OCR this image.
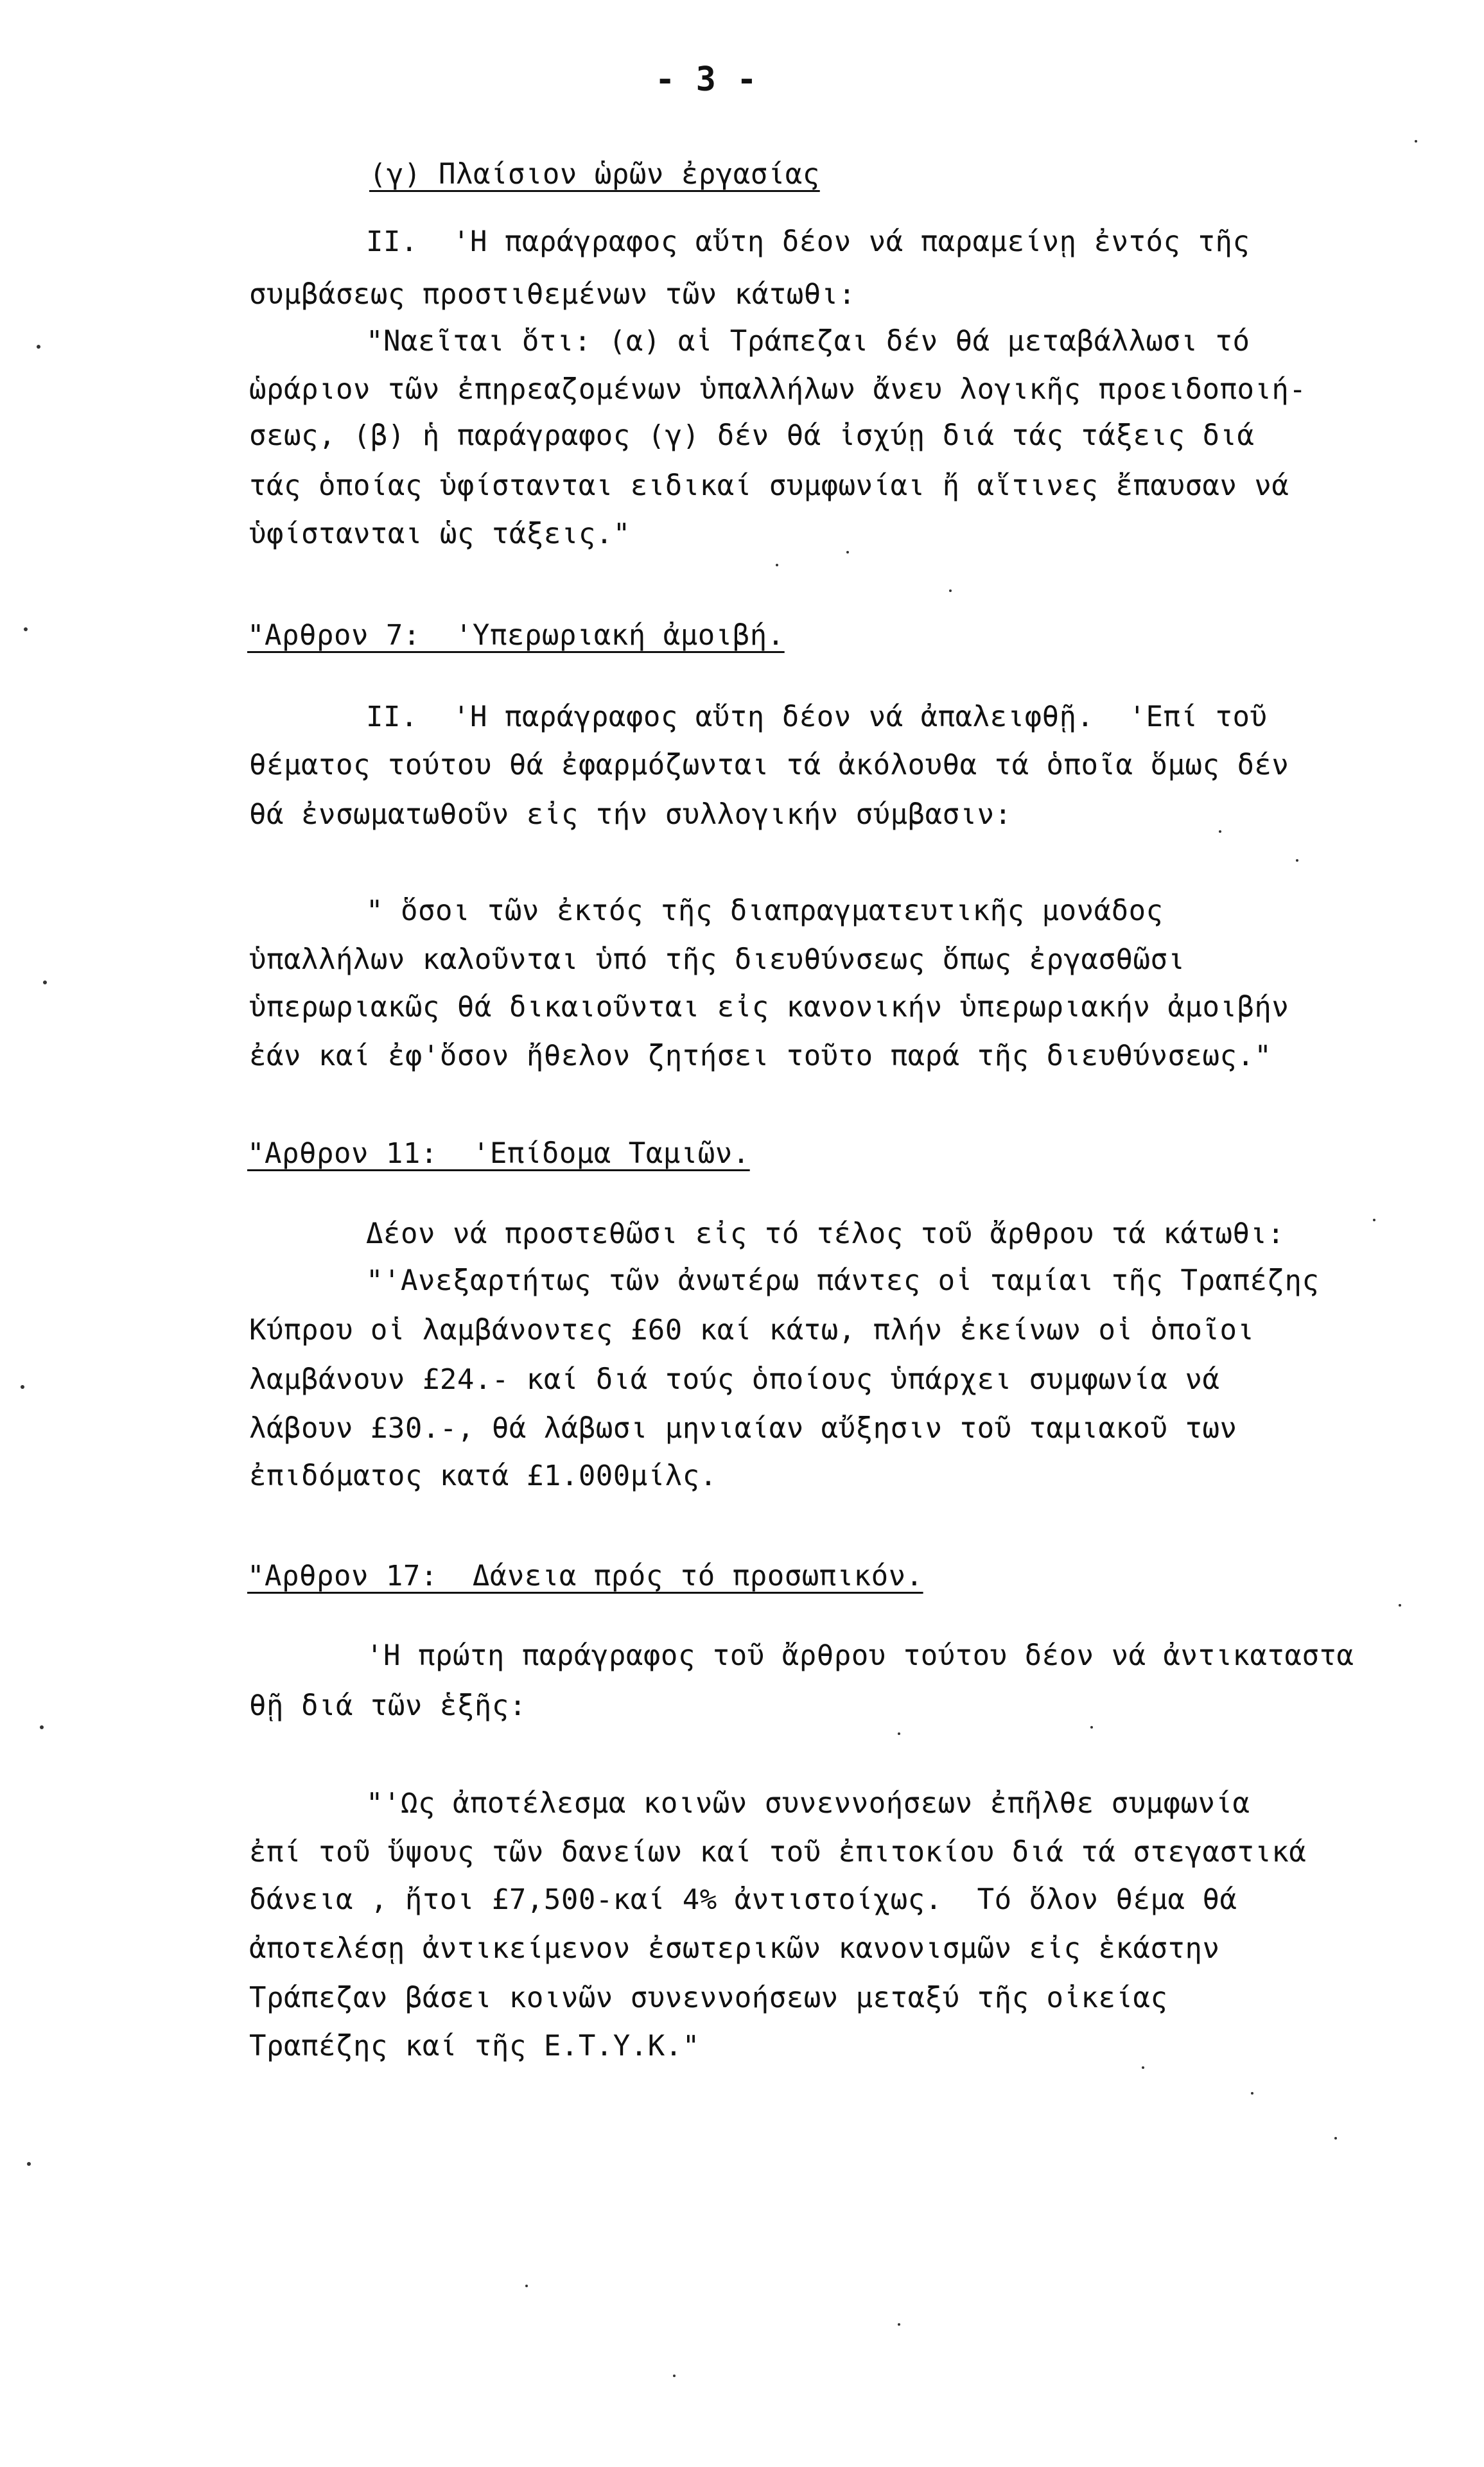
- 3 -
(γ) Πλαίσιον ὡρῶν ἐργασίας
II.  'Η παράγραφος αὕτη δέον νά παραμείνῃ ἐντός τῆς
συμβάσεως προστιθεμένων τῶν κάτωθι:
"Ναεῖται ὅτι: (α) αἱ Τράπεζαι δέν θά μεταβάλλωσι τό
ὡράριον τῶν ἐπηρεαζομένων ὑπαλλήλων ἄνευ λογικῆς προειδοποιή-
σεως, (β) ἡ παράγραφος (γ) δέν θά ἰσχύῃ διά τάς τάξεις διά
τάς ὁποίας ὑφίστανται ειδικαί συμφωνίαι ἤ αἵτινες ἔπαυσαν νά
ὑφίστανται ὡς τάξεις."
"Αρθρον 7:  'Υπερωριακή ἀμοιβή.
II.  'Η παράγραφος αὕτη δέον νά ἀπαλειφθῇ.  'Επί τοῦ
θέματος τούτου θά ἐφαρμόζωνται τά ἀκόλουθα τά ὁποῖα ὅμως δέν
θά ἐνσωματωθοῦν εἰς τήν συλλογικήν σύμβασιν:
" ὅσοι τῶν ἐκτός τῆς διαπραγματευτικῆς μονάδος
ὑπαλλήλων καλοῦνται ὑπό τῆς διευθύνσεως ὅπως ἐργασθῶσι
ὑπερωριακῶς θά δικαιοῦνται εἰς κανονικήν ὑπερωριακήν ἀμοιβήν
ἐάν καί ἐφ'ὅσον ἤθελον ζητήσει τοῦτο παρά τῆς διευθύνσεως."
"Αρθρον 11:  'Επίδομα Ταμιῶν.
Δέον νά προστεθῶσι εἰς τό τέλος τοῦ ἄρθρου τά κάτωθι:
"'Ανεξαρτήτως τῶν ἀνωτέρω πάντες οἱ ταμίαι τῆς Τραπέζης
Κύπρου οἱ λαμβάνοντες £60 καί κάτω, πλήν ἐκείνων οἱ ὁποῖοι
λαμβάνουν £24.- καί διά τούς ὁποίους ὑπάρχει συμφωνία νά
λάβουν £30.-, θά λάβωσι μηνιαίαν αὔξησιν τοῦ ταμιακοῦ των
ἐπιδόματος κατά £1.000μίλς.
"Αρθρον 17:  Δάνεια πρός τό προσωπικόν.
'Η πρώτη παράγραφος τοῦ ἄρθρου τούτου δέον νά ἀντικαταστα
θῇ διά τῶν ἑξῆς:
"'Ως ἀποτέλεσμα κοινῶν συνεννοήσεων ἐπῆλθε συμφωνία
ἐπί τοῦ ὕψους τῶν δανείων καί τοῦ ἐπιτοκίου διά τά στεγαστικά
δάνεια , ἤτοι £7,500-καί 4% ἀντιστοίχως.  Τό ὅλον θέμα θά
ἀποτελέσῃ ἀντικείμενον ἐσωτερικῶν κανονισμῶν εἰς ἑκάστην
Τράπεζαν βάσει κοινῶν συνεννοήσεων μεταξύ τῆς οἰκείας
Τραπέζης καί τῆς Ε.Τ.Υ.Κ."
